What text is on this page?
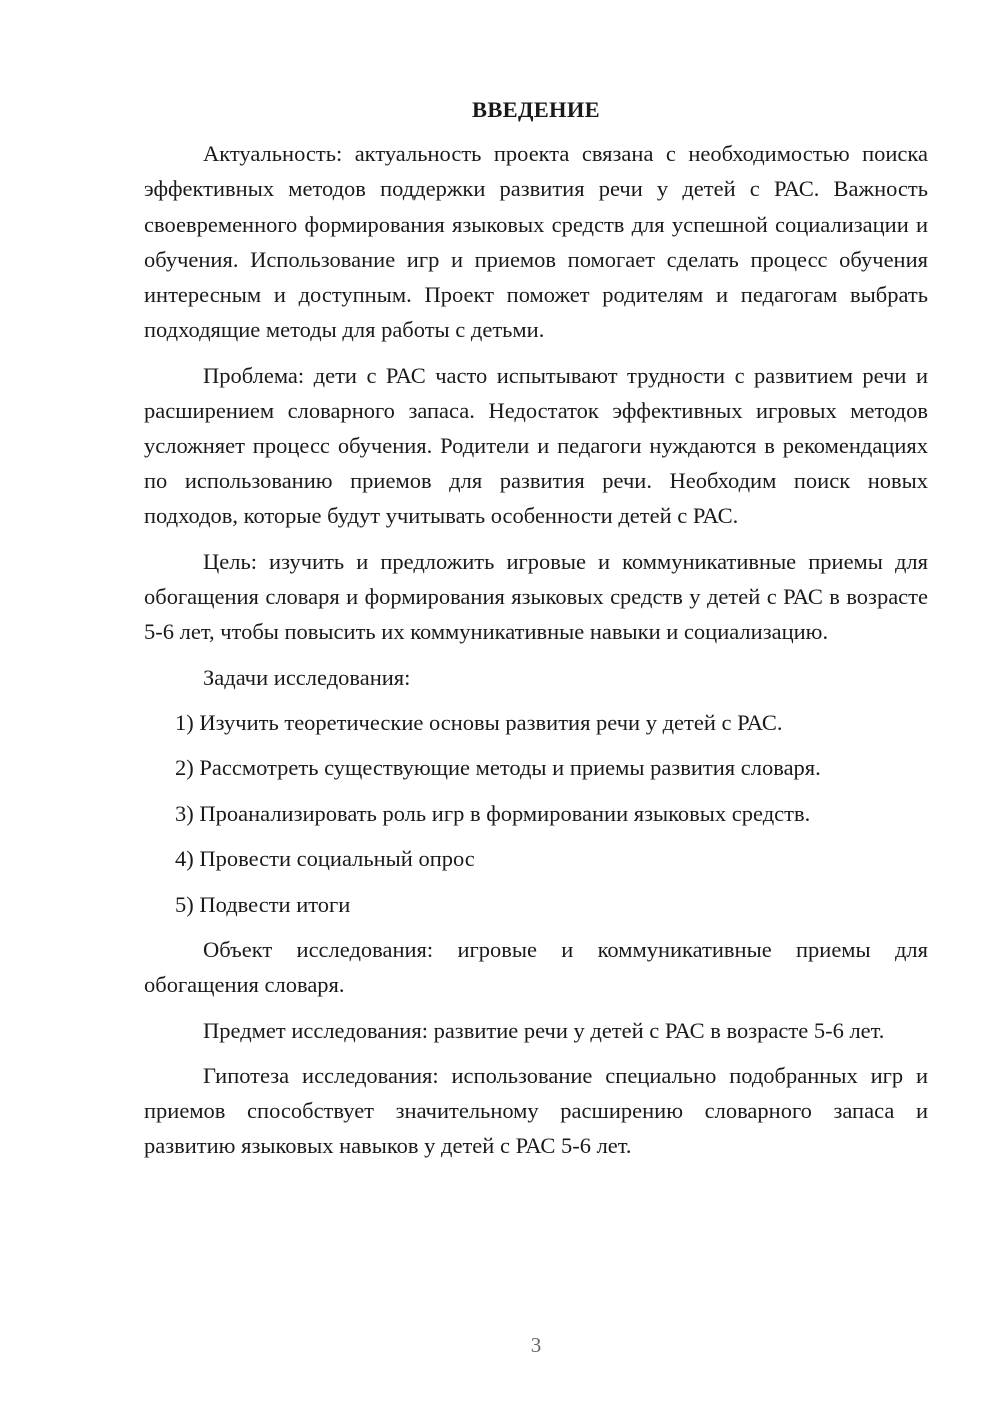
ВВЕДЕНИЕ

Актуальность: актуальность проекта связана с необходимостью поиска эффективных методов поддержки развития речи у детей с РАС. Важность своевременного формирования языковых средств для успешной социализации и обучения. Использование игр и приемов помогает сделать процесс обучения интересным и доступным. Проект поможет родителям и педагогам выбрать подходящие методы для работы с детьми.

Проблема: дети с РАС часто испытывают трудности с развитием речи и расширением словарного запаса. Недостаток эффективных игровых методов усложняет процесс обучения. Родители и педагоги нуждаются в рекомендациях по использованию приемов для развития речи. Необходим поиск новых подходов, которые будут учитывать особенности детей с РАС.

Цель: изучить и предложить игровые и коммуникативные приемы для обогащения словаря и формирования языковых средств у детей с РАС в возрасте 5-6 лет, чтобы повысить их коммуникативные навыки и социализацию.

Задачи исследования:

1) Изучить теоретические основы развития речи у детей с РАС.

2) Рассмотреть существующие методы и приемы развития словаря.

3) Проанализировать роль игр в формировании языковых средств.

4) Провести социальный опрос

5) Подвести итоги

Объект исследования: игровые и коммуникативные приемы для обогащения словаря.

Предмет исследования: развитие речи у детей с РАС в возрасте 5-6 лет.

Гипотеза исследования: использование специально подобранных игр и приемов способствует значительному расширению словарного запаса и развитию языковых навыков у детей с РАС 5-6 лет.

3
